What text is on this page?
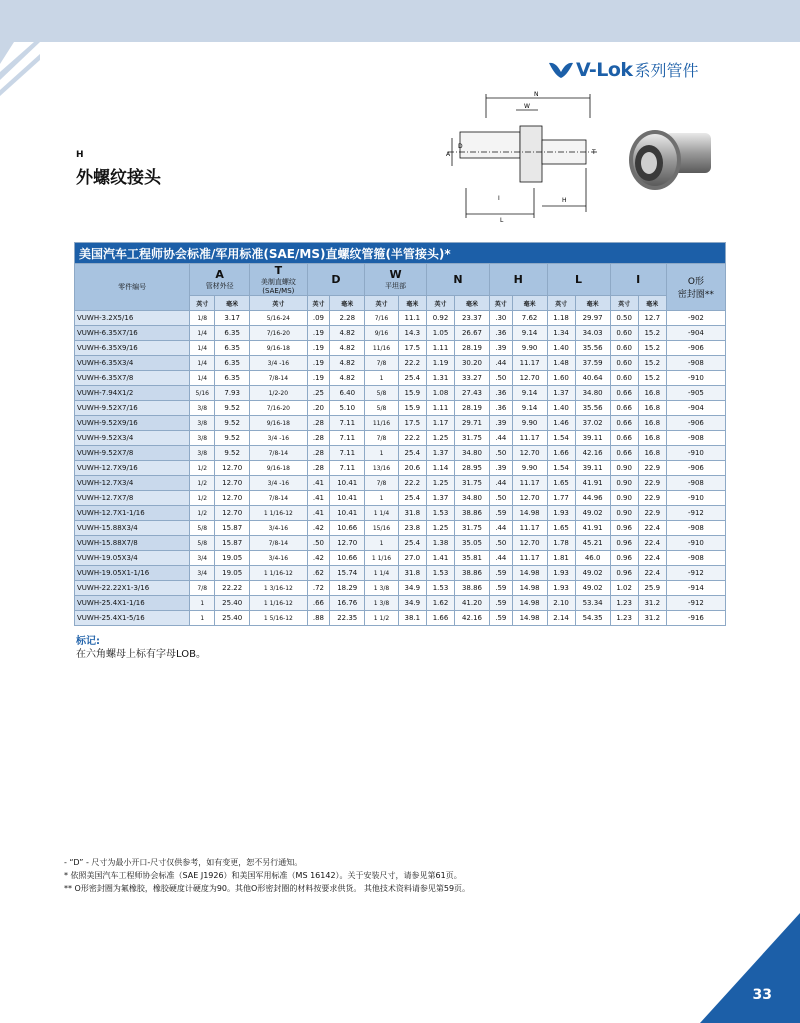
V-Lok 系列管件
H
外螺纹接头
N
W
A
D
T
I	H
L
美国汽车工程师协会标准/军用标准(SAE/MS)直螺纹管箍(半管接头)*																
零件编号	A
管材外径		T
美制直螺纹
(SAE/MS)	D		W
平坦部		N		H		L		I		O形
密封圈**
	英寸	毫米	英寸	英寸	毫米	英寸	毫米	英寸	毫米	英寸	毫米	英寸	毫米	英寸	毫米	
VUWH-3.2X5/16	1/8	3.17	5/16-24	.09	2.28	7/16	11.1	0.92	23.37	.30	7.62	1.18	29.97	0.50	12.7	-902
VUWH-6.35X7/16	1/4	6.35	7/16-20	.19	4.82	9/16	14.3	1.05	26.67	.36	9.14	1.34	34.03	0.60	15.2	-904
VUWH-6.35X9/16	1/4	6.35	9/16-18	.19	4.82	11/16	17.5	1.11	28.19	.39	9.90	1.40	35.56	0.60	15.2	-906
VUWH-6.35X3/4	1/4	6.35	3/4 -16	.19	4.82	7/8	22.2	1.19	30.20	.44	11.17	1.48	37.59	0.60	15.2	-908
VUWH-6.35X7/8	1/4	6.35	7/8-14	.19	4.82	1	25.4	1.31	33.27	.50	12.70	1.60	40.64	0.60	15.2	-910
VUWH-7.94X1/2	5/16	7.93	1/2-20	.25	6.40	5/8	15.9	1.08	27.43	.36	9.14	1.37	34.80	0.66	16.8	-905
VUWH-9.52X7/16	3/8	9.52	7/16-20	.20	5.10	5/8	15.9	1.11	28.19	.36	9.14	1.40	35.56	0.66	16.8	-904
VUWH-9.52X9/16	3/8	9.52	9/16-18	.28	7.11	11/16	17.5	1.17	29.71	.39	9.90	1.46	37.02	0.66	16.8	-906
VUWH-9.52X3/4	3/8	9.52	3/4 -16	.28	7.11	7/8	22.2	1.25	31.75	.44	11.17	1.54	39.11	0.66	16.8	-908
VUWH-9.52X7/8	3/8	9.52	7/8-14	.28	7.11	1	25.4	1.37	34.80	.50	12.70	1.66	42.16	0.66	16.8	-910
VUWH-12.7X9/16	1/2	12.70	9/16-18	.28	7.11	13/16	20.6	1.14	28.95	.39	9.90	1.54	39.11	0.90	22.9	-906
VUWH-12.7X3/4	1/2	12.70	3/4 -16	.41	10.41	7/8	22.2	1.25	31.75	.44	11.17	1.65	41.91	0.90	22.9	-908
VUWH-12.7X7/8	1/2	12.70	7/8-14	.41	10.41	1	25.4	1.37	34.80	.50	12.70	1.77	44.96	0.90	22.9	-910
VUWH-12.7X1-1/16	1/2	12.70	1 1/16-12	.41	10.41	1 1/4	31.8	1.53	38.86	.59	14.98	1.93	49.02	0.90	22.9	-912
VUWH-15.88X3/4	5/8	15.87	3/4-16	.42	10.66	15/16	23.8	1.25	31.75	.44	11.17	1.65	41.91	0.96	22.4	-908
VUWH-15.88X7/8	5/8	15.87	7/8-14	.50	12.70	1	25.4	1.38	35.05	.50	12.70	1.78	45.21	0.96	22.4	-910
VUWH-19.05X3/4	3/4	19.05	3/4-16	.42	10.66	1 1/16	27.0	1.41	35.81	.44	11.17	1.81	46.0	0.96	22.4	-908
VUWH-19.05X1-1/16	3/4	19.05	1 1/16-12	.62	15.74	1 1/4	31.8	1.53	38.86	.59	14.98	1.93	49.02	0.96	22.4	-912
VUWH-22.22X1-3/16	7/8	22.22	1 3/16-12	.72	18.29	1 3/8	34.9	1.53	38.86	.59	14.98	1.93	49.02	1.02	25.9	-914
VUWH-25.4X1-1/16	1	25.40	1 1/16-12	.66	16.76	1 3/8	34.9	1.62	41.20	.59	14.98	2.10	53.34	1.23	31.2	-912
VUWH-25.4X1-5/16	1	25.40	1 5/16-12	.88	22.35	1 1/2	38.1	1.66	42.16	.59	14.98	2.14	54.35	1.23	31.2	-916
标记:
在六角螺母上标有字母LOB。
- “D” - 尺寸为最小开口-尺寸仅供参考，如有变更，恕不另行通知。
* 依照美国汽车工程师协会标准（SAE J1926）和美国军用标准（MS 16142）。关于安装尺寸，请参见第61页。
** O形密封圈为氟橡胶，橡胶硬度计硬度为90。其他O形密封圈的材料按要求供货。 其他技术资料请参见第59页。
33
